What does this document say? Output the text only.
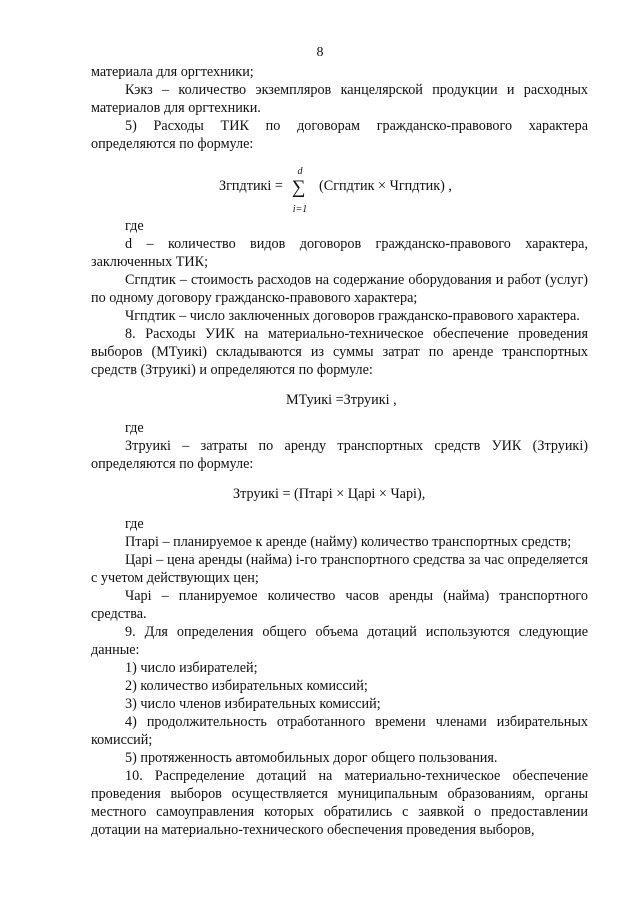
8

материала для оргтехники;

Кэкз – количество экземпляров канцелярской продукции и расходных материалов для оргтехники.

5) Расходы ТИК по договорам гражданско-правового характера определяются по формуле:

Згпдтикi =
d
∑
i=1
(Сгпдтик × Чгпдтик) ,

где

d – количество видов договоров гражданско-правового характера, заключенных ТИК;

Сгпдтик – стоимость расходов на содержание оборудования и работ (услуг) по одному договору гражданско-правового характера;

Чгпдтик – число заключенных договоров гражданско-правового характера.

8. Расходы УИК на материально-техническое обеспечение проведения выборов (МТуикi) складываются из суммы затрат по аренде транспортных средств (Зтруикi) и определяются по формуле:

МТуикi =Зтруикi ,

где

Зтруикi – затраты по аренду транспортных средств УИК (Зтруикi) определяются по формуле:

Зтруикi = (Птарi × Царi × Чарi),

где

Птарi – планируемое к аренде (найму) количество транспортных средств;

Царi – цена аренды (найма) i-го транспортного средства за час определяется с учетом действующих цен;

Чарi – планируемое количество часов аренды (найма) транспортного средства.

9. Для определения общего объема дотаций используются следующие данные:

1) число избирателей;

2) количество избирательных комиссий;

3) число членов избирательных комиссий;

4) продолжительность отработанного времени членами избирательных комиссий;

5) протяженность автомобильных дорог общего пользования.

10. Распределение дотаций на материально-техническое обеспечение проведения выборов осуществляется муниципальным образованиям, органы местного самоуправления которых обратились с заявкой о предоставлении дотации на материально-технического обеспечения проведения выборов,
